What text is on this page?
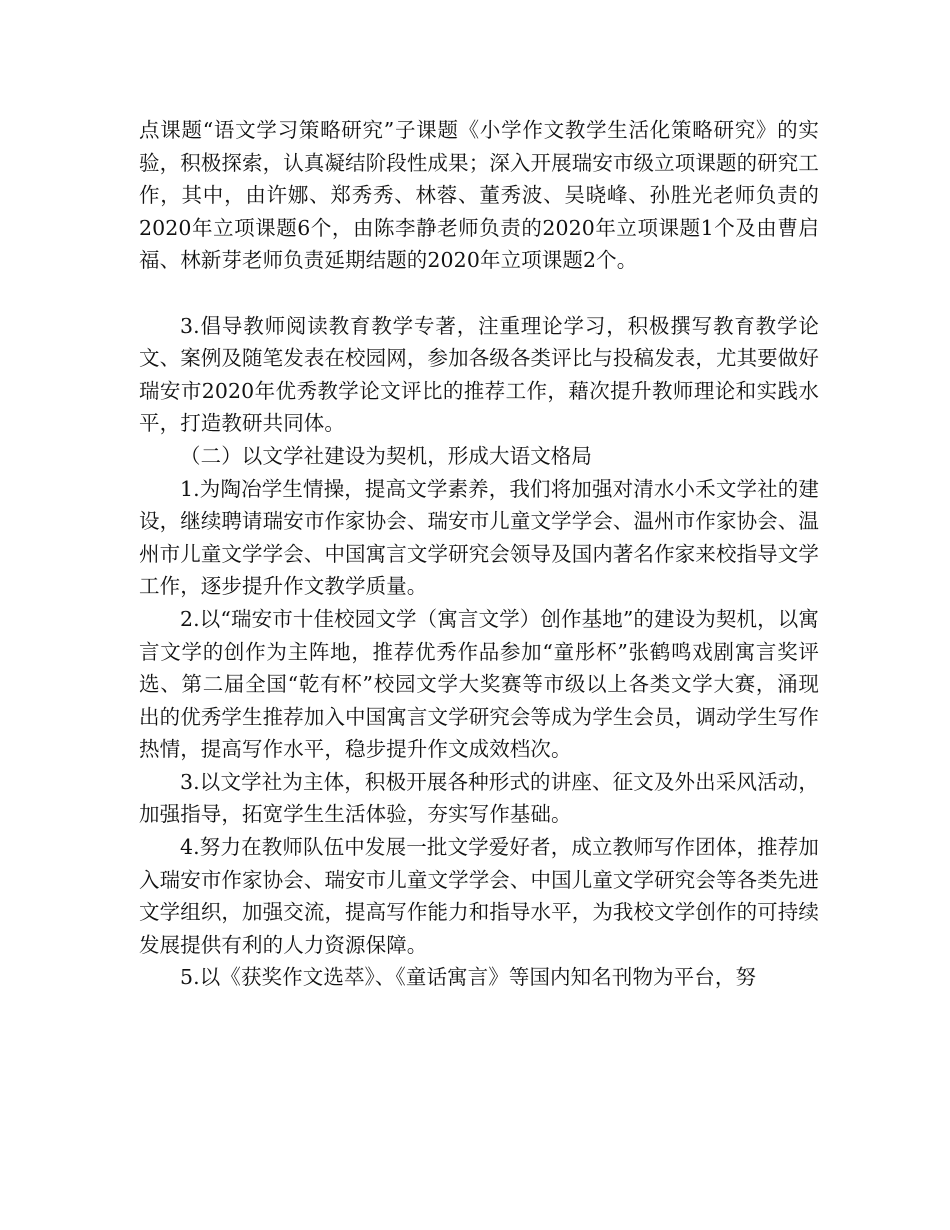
点课题“语文学习策略研究”子课题《小学作文教学生活化策略研究》的实验，积极探索，认真凝结阶段性成果；深入开展瑞安市级立项课题的研究工作，其中，由许娜、郑秀秀、林蓉、董秀波、吴晓峰、孙胜光老师负责的2020年立项课题6个，由陈李静老师负责的2020年立项课题1个及由曹启福、林新芽老师负责延期结题的2020年立项课题2个。

3.倡导教师阅读教育教学专著，注重理论学习，积极撰写教育教学论文、案例及随笔发表在校园网，参加各级各类评比与投稿发表，尤其要做好瑞安市2020年优秀教学论文评比的推荐工作，藉次提升教师理论和实践水平，打造教研共同体。

（二）以文学社建设为契机，形成大语文格局

1.为陶冶学生情操，提高文学素养，我们将加强对清水小禾文学社的建设，继续聘请瑞安市作家协会、瑞安市儿童文学学会、温州市作家协会、温州市儿童文学学会、中国寓言文学研究会领导及国内著名作家来校指导文学工作，逐步提升作文教学质量。

2.以“瑞安市十佳校园文学（寓言文学）创作基地”的建设为契机，以寓言文学的创作为主阵地，推荐优秀作品参加“童彤杯”张鹤鸣戏剧寓言奖评选、第二届全国“乾有杯”校园文学大奖赛等市级以上各类文学大赛，涌现出的优秀学生推荐加入中国寓言文学研究会等成为学生会员，调动学生写作热情，提高写作水平，稳步提升作文成效档次。

3.以文学社为主体，积极开展各种形式的讲座、征文及外出采风活动，加强指导，拓宽学生生活体验，夯实写作基础。

4.努力在教师队伍中发展一批文学爱好者，成立教师写作团体，推荐加入瑞安市作家协会、瑞安市儿童文学学会、中国儿童文学研究会等各类先进文学组织，加强交流，提高写作能力和指导水平，为我校文学创作的可持续发展提供有利的人力资源保障。

5.以《获奖作文选萃》、《童话寓言》等国内知名刊物为平台，努
